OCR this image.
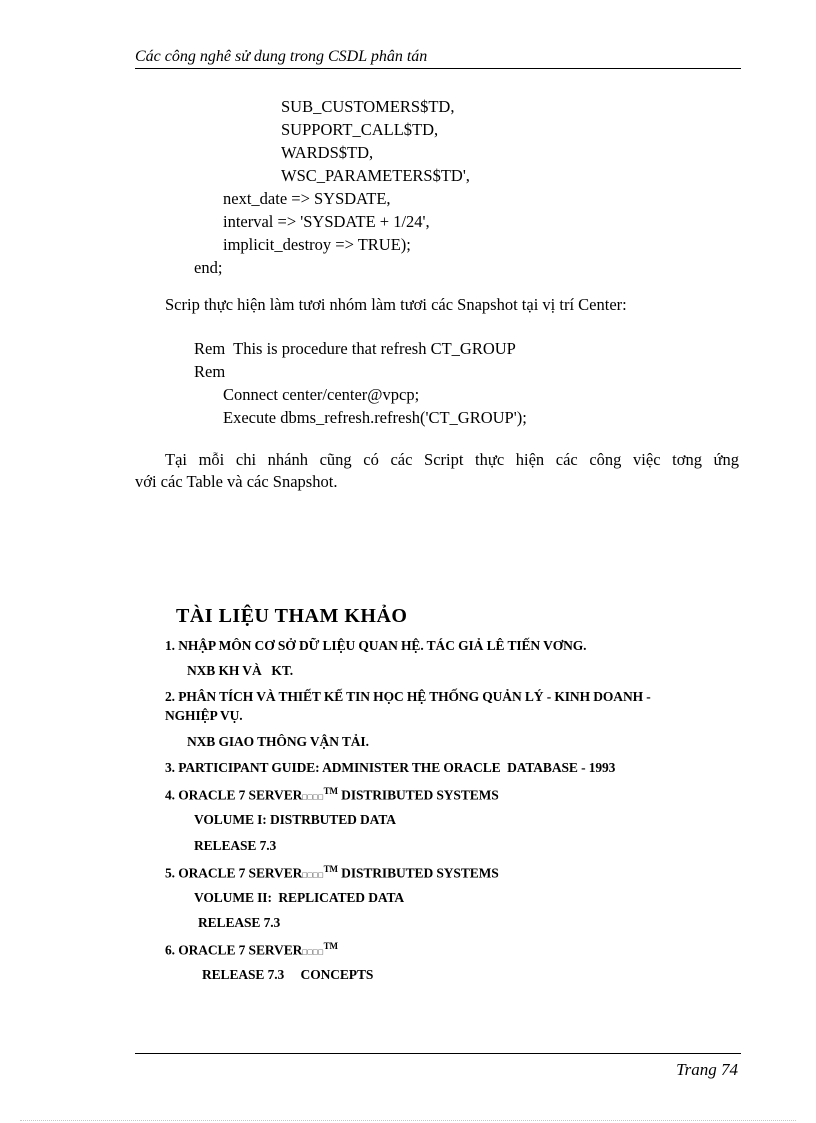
Các công nghê sử dung trong CSDL phân tán
SUB_CUSTOMERS$TD,
SUPPORT_CALL$TD,
WARDS$TD,
WSC_PARAMETERS$TD',
next_date => SYSDATE,
interval => 'SYSDATE + 1/24',
implicit_destroy => TRUE);
end;
Scrip thực hiện làm tươi nhóm làm tươi các Snapshot tại vị trí Center:
Rem  This is procedure that refresh CT_GROUP
Rem
Connect center/center@vpcp;
Execute dbms_refresh.refresh('CT_GROUP');
Tại mỗi chi nhánh cũng có các Script thực hiện các công việc tơng ứng
với các Table và các Snapshot.
TÀI LIỆU THAM KHẢO
1. NHẬP MÔN CƠ SỞ DỮ LIỆU QUAN HỆ. TÁC GIẢ LÊ TIẾN VƠNG.
NXB KH VÀ   KT.
2. PHÂN TÍCH VÀ THIẾT KẾ TIN HỌC HỆ THỐNG QUẢN LÝ - KINH DOANH -
NGHIỆP VỤ.
NXB GIAO THÔNG VẬN TẢI.
3. PARTICIPANT GUIDE: ADMINISTER THE ORACLE  DATABASE - 1993
4. ORACLE 7 SERVER□□□□™ DISTRIBUTED SYSTEMS
VOLUME I: DISTRBUTED DATA
RELEASE 7.3
5. ORACLE 7 SERVER□□□□™ DISTRIBUTED SYSTEMS
VOLUME II:  REPLICATED DATA
RELEASE 7.3
6. ORACLE 7 SERVER□□□□™
RELEASE 7.3     CONCEPTS
Trang 74
